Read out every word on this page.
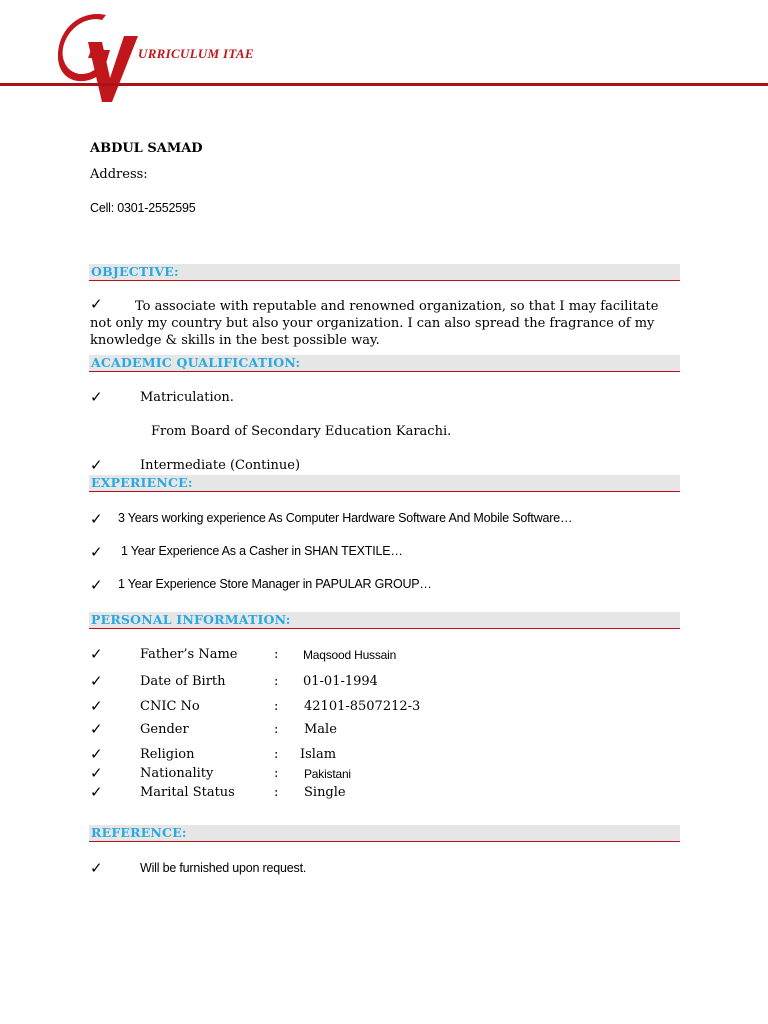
URRICULUM ITAE
ABDUL SAMAD
Address:
Cell: 0301-2552595
OBJECTIVE:
✓	To associate with reputable and renowned organization, so that I may facilitate not only my country but also your organization. I can also spread the fragrance of my knowledge & skills in the best possible way.
ACADEMIC QUALIFICATION:
✓	Matriculation.
From Board of Secondary Education Karachi.
✓	Intermediate (Continue)
EXPERIENCE:
✓ 3 Years working experience As Computer Hardware Software And Mobile Software…
✓ 1 Year Experience As a Casher in SHAN TEXTILE…
✓ 1 Year Experience Store Manager in PAPULAR GROUP…
PERSONAL INFORMATION:
✓	Father’s Name	: Maqsood Hussain
✓	Date of Birth	: 01-01-1994
✓	CNIC No	: 42101-8507212-3
✓	Gender	: Male
✓	Religion	: Islam
✓	Nationality	: Pakistani
✓	Marital Status	: Single
REFERENCE:
✓	Will be furnished upon request.
